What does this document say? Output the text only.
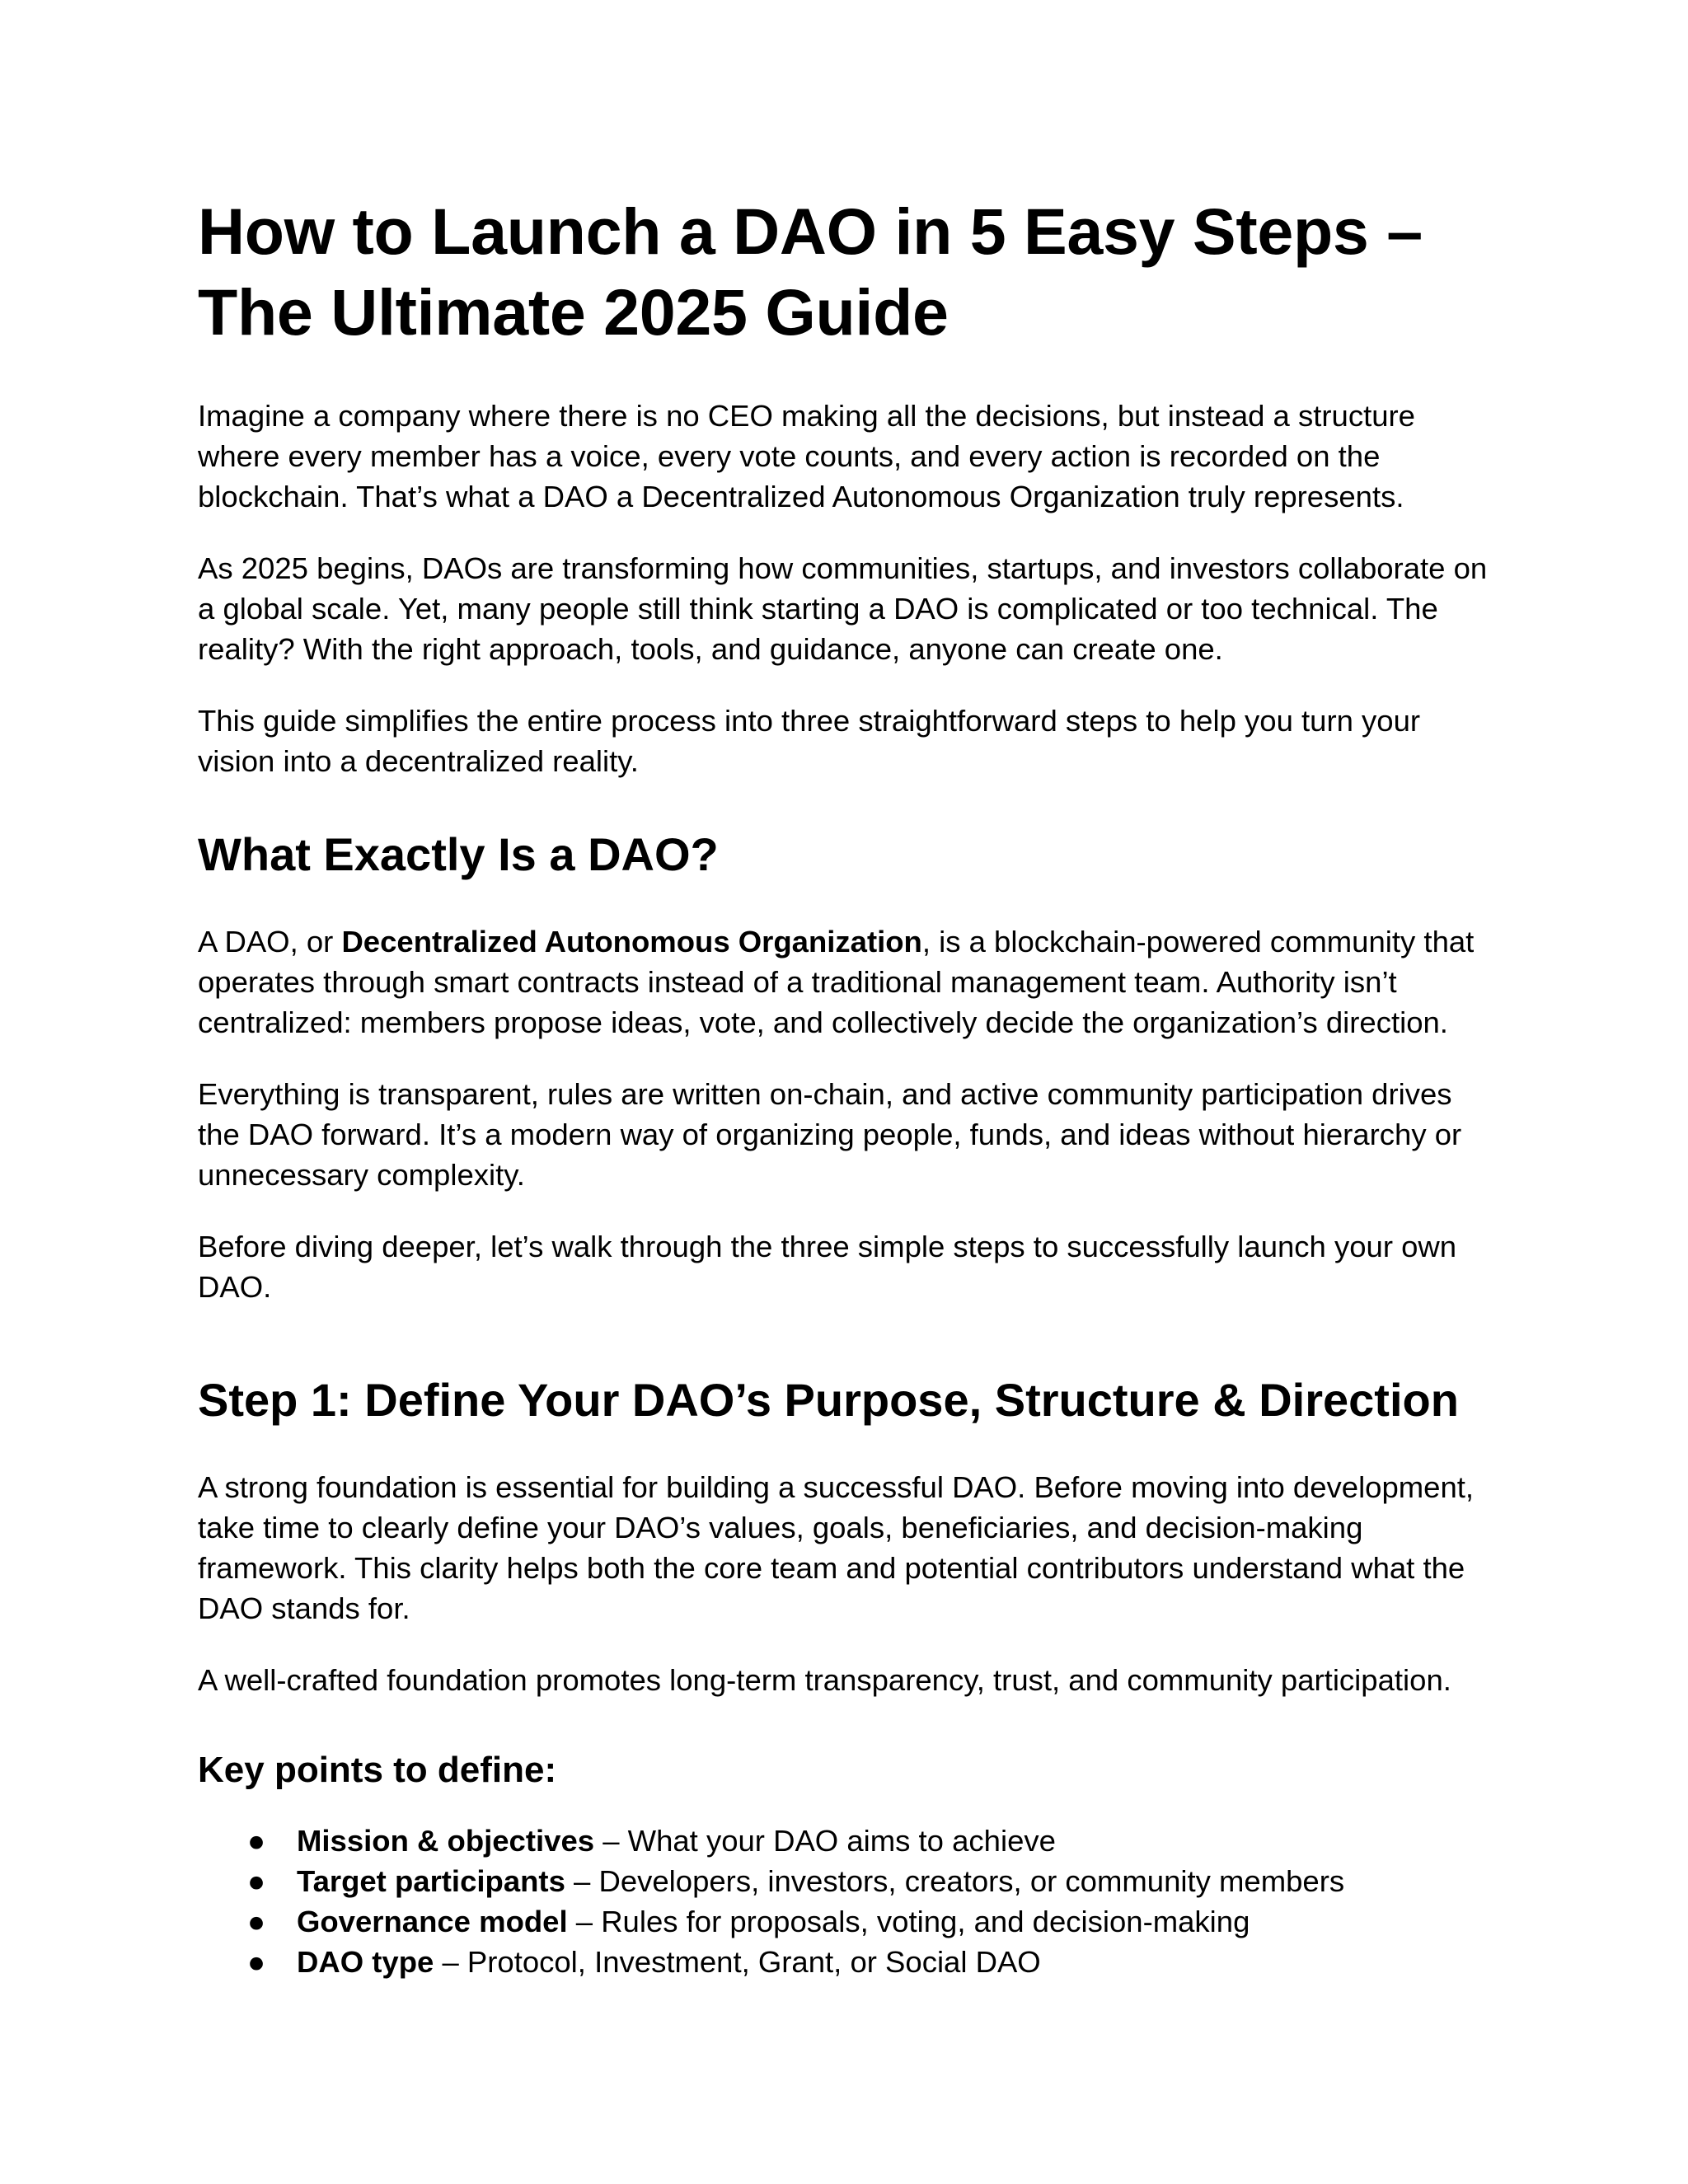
How to Launch a DAO in 5 Easy Steps – The Ultimate 2025 Guide

Imagine a company where there is no CEO making all the decisions, but instead a structure where every member has a voice, every vote counts, and every action is recorded on the blockchain. That’s what a DAO a Decentralized Autonomous Organization truly represents.

As 2025 begins, DAOs are transforming how communities, startups, and investors collaborate on a global scale. Yet, many people still think starting a DAO is complicated or too technical. The reality? With the right approach, tools, and guidance, anyone can create one.

This guide simplifies the entire process into three straightforward steps to help you turn your vision into a decentralized reality.

What Exactly Is a DAO?

A DAO, or Decentralized Autonomous Organization, is a blockchain-powered community that operates through smart contracts instead of a traditional management team. Authority isn’t centralized: members propose ideas, vote, and collectively decide the organization’s direction.

Everything is transparent, rules are written on-chain, and active community participation drives the DAO forward. It’s a modern way of organizing people, funds, and ideas without hierarchy or unnecessary complexity.

Before diving deeper, let’s walk through the three simple steps to successfully launch your own DAO.

Step 1: Define Your DAO’s Purpose, Structure & Direction

A strong foundation is essential for building a successful DAO. Before moving into development, take time to clearly define your DAO’s values, goals, beneficiaries, and decision-making framework. This clarity helps both the core team and potential contributors understand what the DAO stands for.

A well-crafted foundation promotes long-term transparency, trust, and community participation.

Key points to define:
● Mission & objectives – What your DAO aims to achieve
● Target participants – Developers, investors, creators, or community members
● Governance model – Rules for proposals, voting, and decision-making
● DAO type – Protocol, Investment, Grant, or Social DAO
